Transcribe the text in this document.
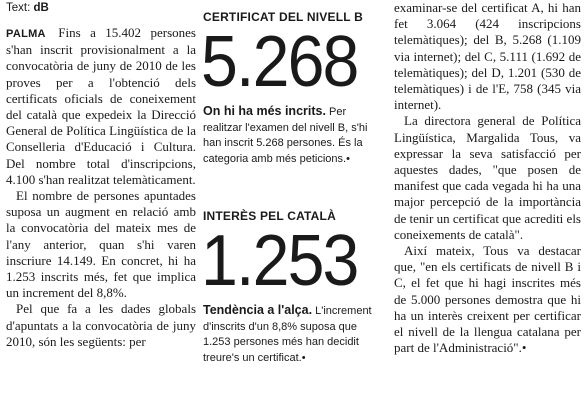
Text: dB

PALMA Fins a 15.402 persones s'han inscrit provisionalment a la convocatòria de juny de 2010 de les proves per a l'obtenció dels certificats oficials de coneixement del català que expedeix la Direcció General de Política Lingüística de la Conselleria d'Educació i Cultura. Del nombre total d'inscripcions, 4.100 s'han realitzat telemàticament.

El nombre de persones apuntades suposa un augment en relació amb la convocatòria del mateix mes de l'any anterior, quan s'hi varen inscriure 14.149. En concret, hi ha 1.253 inscrits més, fet que implica un increment del 8,8%.

Pel que fa a les dades globals d'apuntats a la convocatòria de juny 2010, són les següents: per

CERTIFICAT DEL NIVELL B
5.268

On hi ha més incrits. Per realitzar l'examen del nivell B, s'hi han inscrit 5.268 persones. És la categoria amb més peticions.•

INTERÈS PEL CATALÀ
1.253

Tendència a l'alça. L'increment d'inscrits d'un 8,8% suposa que 1.253 persones més han decidit treure's un certificat.•

examinar-se del certificat A, hi han fet 3.064 (424 inscripcions telemàtiques); del B, 5.268 (1.109 via internet); del C, 5.111 (1.692 de telemàtiques); del D, 1.201 (530 de telemàtiques) i de l'E, 758 (345 via internet).

La directora general de Política Lingüística, Margalida Tous, va expressar la seva satisfacció per aquestes dades, "que posen de manifest que cada vegada hi ha una major percepció de la importància de tenir un certificat que acrediti els coneixements de català".

Així mateix, Tous va destacar que, "en els certificats de nivell B i C, el fet que hi hagi inscrites més de 5.000 persones demostra que hi ha un interès creixent per certificar el nivell de la llengua catalana per part de l'Administració".•
